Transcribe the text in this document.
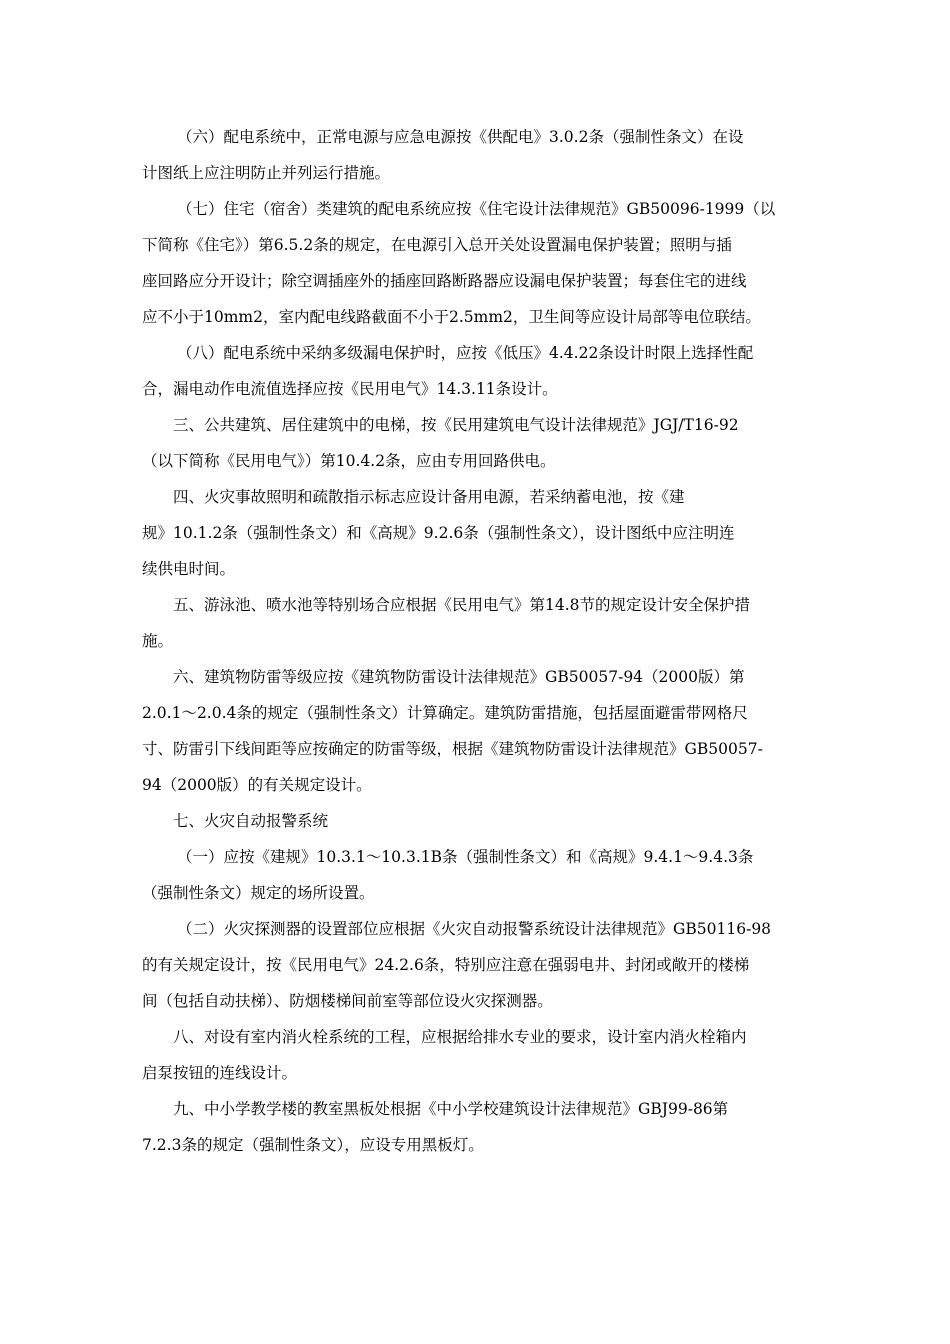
（六）配电系统中，正常电源与应急电源按《供配电》3.0.2条（强制性条文）在设
计图纸上应注明防止并列运行措施。
（七）住宅（宿舍）类建筑的配电系统应按《住宅设计法律规范》GB50096-1999（以
下简称《住宅》）第6.5.2条的规定，在电源引入总开关处设置漏电保护装置；照明与插
座回路应分开设计；除空调插座外的插座回路断路器应设漏电保护装置；每套住宅的进线
应不小于10mm2，室内配电线路截面不小于2.5mm2，卫生间等应设计局部等电位联结。
（八）配电系统中采纳多级漏电保护时，应按《低压》4.4.22条设计时限上选择性配
合，漏电动作电流值选择应按《民用电气》14.3.11条设计。
三、公共建筑、居住建筑中的电梯，按《民用建筑电气设计法律规范》JGJ/T16-92
（以下简称《民用电气》）第10.4.2条，应由专用回路供电。
四、火灾事故照明和疏散指示标志应设计备用电源，若采纳蓄电池，按《建
规》10.1.2条（强制性条文）和《高规》9.2.6条（强制性条文），设计图纸中应注明连
续供电时间。
五、游泳池、喷水池等特别场合应根据《民用电气》第14.8节的规定设计安全保护措
施。
六、建筑物防雷等级应按《建筑物防雷设计法律规范》GB50057-94（2000版）第
2.0.1～2.0.4条的规定（强制性条文）计算确定。建筑防雷措施，包括屋面避雷带网格尺
寸、防雷引下线间距等应按确定的防雷等级，根据《建筑物防雷设计法律规范》GB50057-
94（2000版）的有关规定设计。
七、火灾自动报警系统
（一）应按《建规》10.3.1～10.3.1B条（强制性条文）和《高规》9.4.1～9.4.3条
（强制性条文）规定的场所设置。
（二）火灾探测器的设置部位应根据《火灾自动报警系统设计法律规范》GB50116-98
的有关规定设计，按《民用电气》24.2.6条，特别应注意在强弱电井、封闭或敞开的楼梯
间（包括自动扶梯）、防烟楼梯间前室等部位设火灾探测器。
八、对设有室内消火栓系统的工程，应根据给排水专业的要求，设计室内消火栓箱内
启泵按钮的连线设计。
九、中小学教学楼的教室黑板处根据《中小学校建筑设计法律规范》GBJ99-86第
7.2.3条的规定（强制性条文），应设专用黑板灯。
